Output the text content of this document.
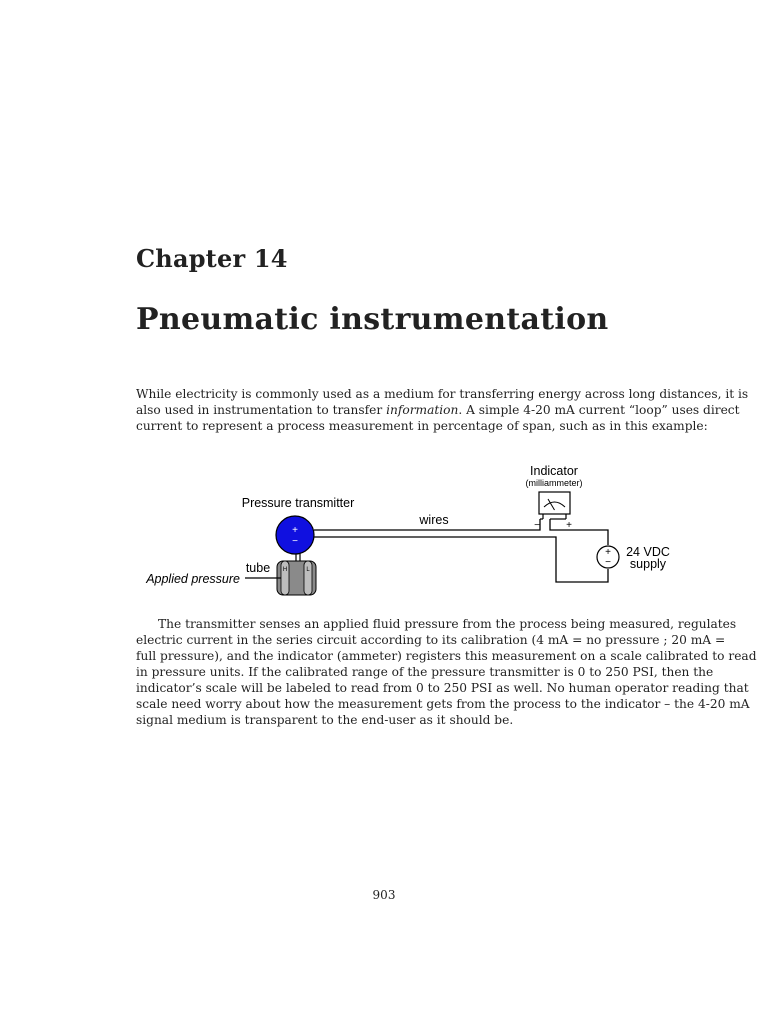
Chapter 14
Pneumatic instrumentation
While electricity is commonly used as a medium for transferring energy across long distances, it is
also used in instrumentation to transfer information. A simple 4-20 mA current “loop” uses direct
current to represent a process measurement in percentage of span, such as in this example:
Indicator
(milliammeter)
−	+
Pressure transmitter
+
−
H	L
wires
+
−
24 VDC
supply
tube
Applied pressure
The transmitter senses an applied fluid pressure from the process being measured, regulates
electric current in the series circuit according to its calibration (4 mA = no pressure ; 20 mA =
full pressure), and the indicator (ammeter) registers this measurement on a scale calibrated to read
in pressure units. If the calibrated range of the pressure transmitter is 0 to 250 PSI, then the
indicator’s scale will be labeled to read from 0 to 250 PSI as well. No human operator reading that
scale need worry about how the measurement gets from the process to the indicator – the 4-20 mA
signal medium is transparent to the end-user as it should be.
903
